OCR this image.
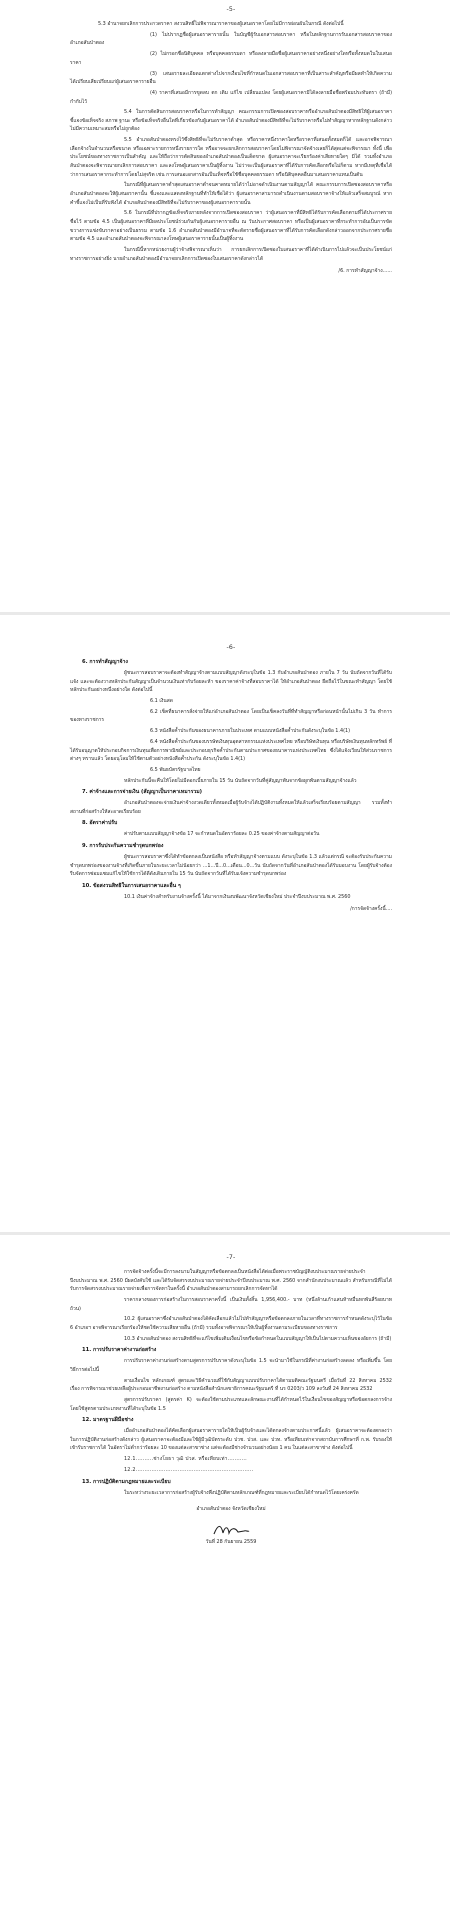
-5-

5.3 อำนาจยกเลิกการประกวดราคา สงวนสิทธิ์ไม่พิจารณาราคาของผู้เสนอราคาโดยไม่มีการผ่อนผันในกรณี ดังต่อไปนี้

(1) ไม่ปรากฏชื่อผู้เสนอราคารายนั้น ในบัญชีผู้รับเอกสารสอบราคา หรือในหลักฐานการรับเอกสารสอบราคาของอำเภอสันป่าตอง

(2) ไม่กรอกชื่อนิติบุคคล หรือบุคคลธรรมดา หรือลงลายมือชื่อผู้เสนอราคาอย่างหนึ่งอย่างใดหรือทั้งหมดในใบเสนอราคา

(3) เสนอรายละเอียดแตกต่างไปจากเงื่อนไขที่กำหนดในเอกสารสอบราคาที่เป็นสาระสำคัญหรือมีผลทำให้เกิดความได้เปรียบเสียเปรียบแก่ผู้เสนอราคารายอื่น

(4) ราคาที่เสนอมีการขูดลบ ตก เติม แก้ไข เปลี่ยนแปลง โดยผู้เสนอราคามิได้ลงลายมือชื่อพร้อมประทับตรา (ถ้ามี) กำกับไว้

5.4 ในการตัดสินการสอบราคาหรือในการทำสัญญา คณะกรรมการเปิดซองสอบราคาหรืออำเภอสันป่าตองมีสิทธิให้ผู้เสนอราคาชี้แจงข้อเท็จจริง สภาพ ฐานะ หรือข้อเท็จจริงอื่นใดที่เกี่ยวข้องกับผู้เสนอราคาได้ อำเภอสันป่าตองมีสิทธิที่จะไม่รับราคาหรือไม่ทำสัญญาหากหลักฐานดังกล่าวไม่มีความเหมาะสมหรือไม่ถูกต้อง

5.5 อำเภอสันป่าตองทรงไว้ซึ่งสิทธิที่จะไม่รับราคาต่ำสุด หรือราคาหนึ่งราคาใดหรือราคาที่เสนอทั้งหมดก็ได้ และอาจพิจารณาเลือกจ้างในจำนวนหรือขนาด หรือเฉพาะรายการหนึ่งรายการใด หรืออาจจะยกเลิกการสอบราคาโดยไม่พิจารณาจัดจ้างเลยก็ได้สุดแต่จะพิจารณา ทั้งนี้ เพื่อประโยชน์ของทางราชการเป็นสำคัญ และให้ถือว่าการตัดสินของอำเภอสันป่าตองเป็นเด็ดขาด ผู้เสนอราคาจะเรียกร้องค่าเสียหายใดๆ มิได้ รวมทั้งอำเภอสันป่าตองจะพิจารณายกเลิกการสอบราคา และลงโทษผู้เสนอราคาเป็นผู้ทิ้งงาน ไม่ว่าจะเป็นผู้เสนอราคาที่ได้รับการคัดเลือกหรือไม่ก็ตาม หากมีเหตุที่เชื่อได้ว่าการเสนอราคากระทำการโดยไม่สุจริต เช่น การเสนอเอกสารอันเป็นเท็จหรือใช้ชื่อบุคคลธรรมดา หรือนิติบุคคลอื่นมาเสนอราคาแทนเป็นต้น

ในกรณีที่ผู้เสนอราคาต่ำสุดเสนอราคาต่ำจนคาดหมายได้ว่าไม่อาจดำเนินงานตามสัญญาได้ คณะกรรมการเปิดซองสอบราคาหรืออำเภอสันป่าตองจะให้ผู้เสนอราคานั้น ชี้แจงและแสดงหลักฐานที่ทำให้เชื่อได้ว่า ผู้เสนอราคาสามารถดำเนินงานตามสอบราคาจ้างให้แล้วเสร็จสมบูรณ์ หากคำชี้แจงไม่เป็นที่รับฟังได้ อำเภอสันป่าตองมีสิทธิที่จะไม่รับราคาของผู้เสนอราคารายนั้น

5.6 ในกรณีที่ปรากฏข้อเท็จจริงภายหลังจากการเปิดซองสอบราคา ว่าผู้เสนอราคาที่มีสิทธิได้รับการคัดเลือกตามที่ได้ประกาศรายชื่อไว้ ตามข้อ 4.5 เป็นผู้เสนอราคาที่มีผลประโยชน์ร่วมกันกับผู้เสนอราคารายอื่น ณ วันประกาศสอบราคา หรือเป็นผู้เสนอราคาที่กระทำการอันเป็นการขัดขวางการแข่งขันราคาอย่างเป็นธรรม ตามข้อ 1.6 อำเภอสันป่าตองมีอำนาจที่จะตัดรายชื่อผู้เสนอราคาที่ได้รับการคัดเลือกดังกล่าวออกจากประกาศรายชื่อตามข้อ 4.5 และอำเภอสันป่าตองจะพิจารณาลงโทษผู้เสนอราคารายนั้นเป็นผู้ทิ้งงาน

ในกรณีนี้หากหน่วยงานผู้ว่าจ้างพิจารณาเห็นว่า การยกเลิกการเปิดซองใบเสนอราคาที่ได้ดำเนินการไปแล้วจะเป็นประโยชน์แก่ทางราชการอย่างยิ่ง นายอำเภอสันป่าตองมีอำนาจยกเลิกการเปิดซองใบเสนอราคาดังกล่าวได้

/6. การทำสัญญาจ้าง......
-6-
6. การทำสัญญาจ้าง

ผู้ชนะการสอบราคาจะต้องทำสัญญาจ้างตามแบบสัญญาดังระบุในข้อ 1.3 กับอำเภอสันป่าตอง ภายใน 7 วัน นับถัดจากวันที่ได้รับแจ้ง และจะต้องวางหลักประกันสัญญาเป็นจำนวนเงินเท่ากับร้อยละห้า ของราคาค่าจ้างที่สอบราคาได้ ให้อำเภอสันป่าตอง ยึดถือไว้ในขณะทำสัญญา โดยใช้หลักประกันอย่างหนึ่งอย่างใด ดังต่อไปนี้

6.1 เงินสด

6.2 เช็คที่ธนาคารสั่งจ่ายให้แก่อำเภอสันป่าตอง โดยเป็นเช็คลงวันที่ที่ทำสัญญาหรือก่อนหน้านั้นไม่เกิน 3 วัน ทำการของทางราชการ

6.3 หนังสือค้ำประกันของธนาคารภายในประเทศ ตามแบบหนังสือค้ำประกันดังระบุในข้อ 1.4(1)

6.4 หนังสือค้ำประกันของบรรษัทเงินทุนอุตสาหกรรมแห่งประเทศไทย หรือบริษัทเงินทุน หรือบริษัทเงินทุนหลักทรัพย์ ที่ได้รับอนุญาตให้ประกอบกิจการเงินทุนเพื่อการพาณิชย์และประกอบธุรกิจค้ำประกันตามประกาศของธนาคารแห่งประเทศไทย ซึ่งได้แจ้งเวียนให้ส่วนราชการต่างๆ ทราบแล้ว โดยอนุโลมให้ใช้ตามตัวอย่างหนังสือค้ำประกัน ดังระบุในข้อ 1.4(1)

6.5 พันธบัตรรัฐบาลไทย

หลักประกันนี้จะคืนให้โดยไม่มีดอกเบี้ยภายใน 15 วัน นับถัดจากวันที่คู่สัญญาพ้นจากข้อผูกพันตามสัญญาจ้างแล้ว

7. ค่าจ้างและการจ่ายเงิน (สัญญาเป็นราคาเหมารวม)

อำเภอสันป่าตองจะจ่ายเงินค่าจ้างงวดเดียวทั้งหมดเมื่อผู้รับจ้างได้ปฏิบัติงานทั้งหมดให้แล้วเสร็จเรียบร้อยตามสัญญา รวมทั้งทำสถานที่ก่อสร้างให้สะอาดเรียบร้อย

8. อัตราค่าปรับ

ค่าปรับตามแบบสัญญาจ้างข้อ 17 จะกำหนดในอัตราร้อยละ 0.25 ของค่าจ้างตามสัญญาต่อวัน

9. การรับประกันความชำรุดบกพร่อง

ผู้ชนะการสอบราคาซึ่งได้ทำข้อตกลงเป็นหนังสือ หรือทำสัญญาจ้างตามแบบ ดังระบุในข้อ 1.3 แล้วแต่กรณี จะต้องรับประกันความชำรุดบกพร่องของงานจ้างที่เกิดขึ้นภายในระยะเวลาไม่น้อยกว่า ...1...ปี...0...เดือน...0...วัน นับถัดจากวันที่อำเภอสันป่าตองได้รับมอบงาน โดยผู้รับจ้างต้องรีบจัดการซ่อมแซมแก้ไขให้ใช้การได้ดีดังเดิมภายใน 15 วัน นับถัดจากวันที่ได้รับแจ้งความชำรุดบกพร่อง

10. ข้อสงวนสิทธิในการเสนอราคาและอื่น ๆ

10.1 เงินค่าจ้างสำหรับงานจ้างครั้งนี้ ได้มาจากเงินงบพัฒนาจังหวัดเชียงใหม่ ประจำปีงบประมาณ พ.ศ. 2560

/การจัดจ้างครั้งนี้....
-7-

การจัดจ้างครั้งนี้จะมีการลงนามในสัญญาหรือข้อตกลงเป็นหนังสือได้ต่อเมื่อพระราชบัญญัติงบประมาณรายจ่ายประจำปีงบประมาณ พ.ศ. 2560 มีผลบังคับใช้ และได้รับจัดสรรงบประมาณรายจ่ายประจำปีงบประมาณ พ.ศ. 2560 จากสำนักงบประมาณแล้ว สำหรับกรณีที่ไม่ได้รับการจัดสรรงบประมาณรายจ่ายเพื่อการจัดหาในครั้งนี้ อำเภอสันป่าตองสามารถยกเลิกการจัดหาได้

ราคากลางของการก่อสร้างในการสอบราคาครั้งนี้ เป็นเงินทั้งสิ้น 1,956,400.- บาท (หนึ่งล้านเก้าแสนห้าหมื่นหกพันสี่ร้อยบาทถ้วน)

10.2 ผู้เสนอราคาซึ่งอำเภอสันป่าตองได้คัดเลือกแล้วไม่ไปทำสัญญาหรือข้อตกลงภายในเวลาที่ทางราชการกำหนดดังระบุไว้ในข้อ 6 อำเภอฯ อาจพิจารณาเรียกร้องให้ชดใช้ความเสียหายอื่น (ถ้ามี) รวมทั้งอาจพิจารณาให้เป็นผู้ทิ้งงานตามระเบียบของทางราชการ

10.3 อำเภอสันป่าตอง สงวนสิทธิที่จะแก้ไขเพิ่มเติมเงื่อนไขหรือข้อกำหนดในแบบสัญญาให้เป็นไปตามความเห็นของอัยการ (ถ้ามี)

11. การปรับราคาค่างานก่อสร้าง

การปรับราคาค่างานก่อสร้างตามสูตรการปรับราคาดังระบุในข้อ 1.5 จะนำมาใช้ในกรณีที่ค่างานก่อสร้างลดลง หรือเพิ่มขึ้น โดยวิธีการต่อไปนี้

ตามเงื่อนไข หลักเกณฑ์ สูตรและวิธีคำนวณที่ใช้กับสัญญาแบบปรับราคาได้ตามมติคณะรัฐมนตรี เมื่อวันที่ 22 สิงหาคม 2532 เรื่อง การพิจารณาช่วยเหลือผู้ประกอบอาชีพงานก่อสร้าง ตามหนังสือสำนักเลขาธิการคณะรัฐมนตรี ที่ นร 0203/ว 109 ลงวันที่ 24 สิงหาคม 2532

สูตรการปรับราคา (สูตรค่า K) จะต้องใช้ตามประเภทและลักษณะงานที่ได้กำหนดไว้ในเงื่อนไขของสัญญาหรือข้อตกลงการจ้าง โดยใช้สูตรตามประเภทงานที่ได้ระบุในข้อ 1.5

12. มาตรฐานฝีมือช่าง

เมื่ออำเภอสันป่าตองได้คัดเลือกผู้เสนอราคารายใดให้เป็นผู้รับจ้างและได้ตกลงจ้างตามประกาศนี้แล้ว ผู้เสนอราคาจะต้องตกลงว่าในการปฏิบัติงานก่อสร้างดังกล่าว ผู้เสนอราคาจะต้องมีและใช้ผู้มีวุฒิบัตรระดับ ปวช. ปวส. และ ปวท. หรือเทียบเท่าจากสถาบันการศึกษาที่ ก.พ. รับรองให้เข้ารับราชการได้ ในอัตราไม่ต่ำกว่าร้อยละ 10 ของแต่ละสาขาช่าง แต่จะต้องมีช่างจำนวนอย่างน้อย 1 คน ในแต่ละสาขาช่าง ดังต่อไปนี้

12.1..........ช่างโยธา วุฒิ ปวส. หรือเทียบเท่า...........

12.2...................................................................

13. การปฏิบัติตามกฎหมายและระเบียบ

ในระหว่างระยะเวลาการก่อสร้างผู้รับจ้างพึงปฏิบัติตามหลักเกณฑ์ที่กฎหมายและระเบียบได้กำหนดไว้โดยเคร่งครัด

อำเภอสันป่าตอง จังหวัดเชียงใหม่

วันที่ 28 กันยายน 2559
